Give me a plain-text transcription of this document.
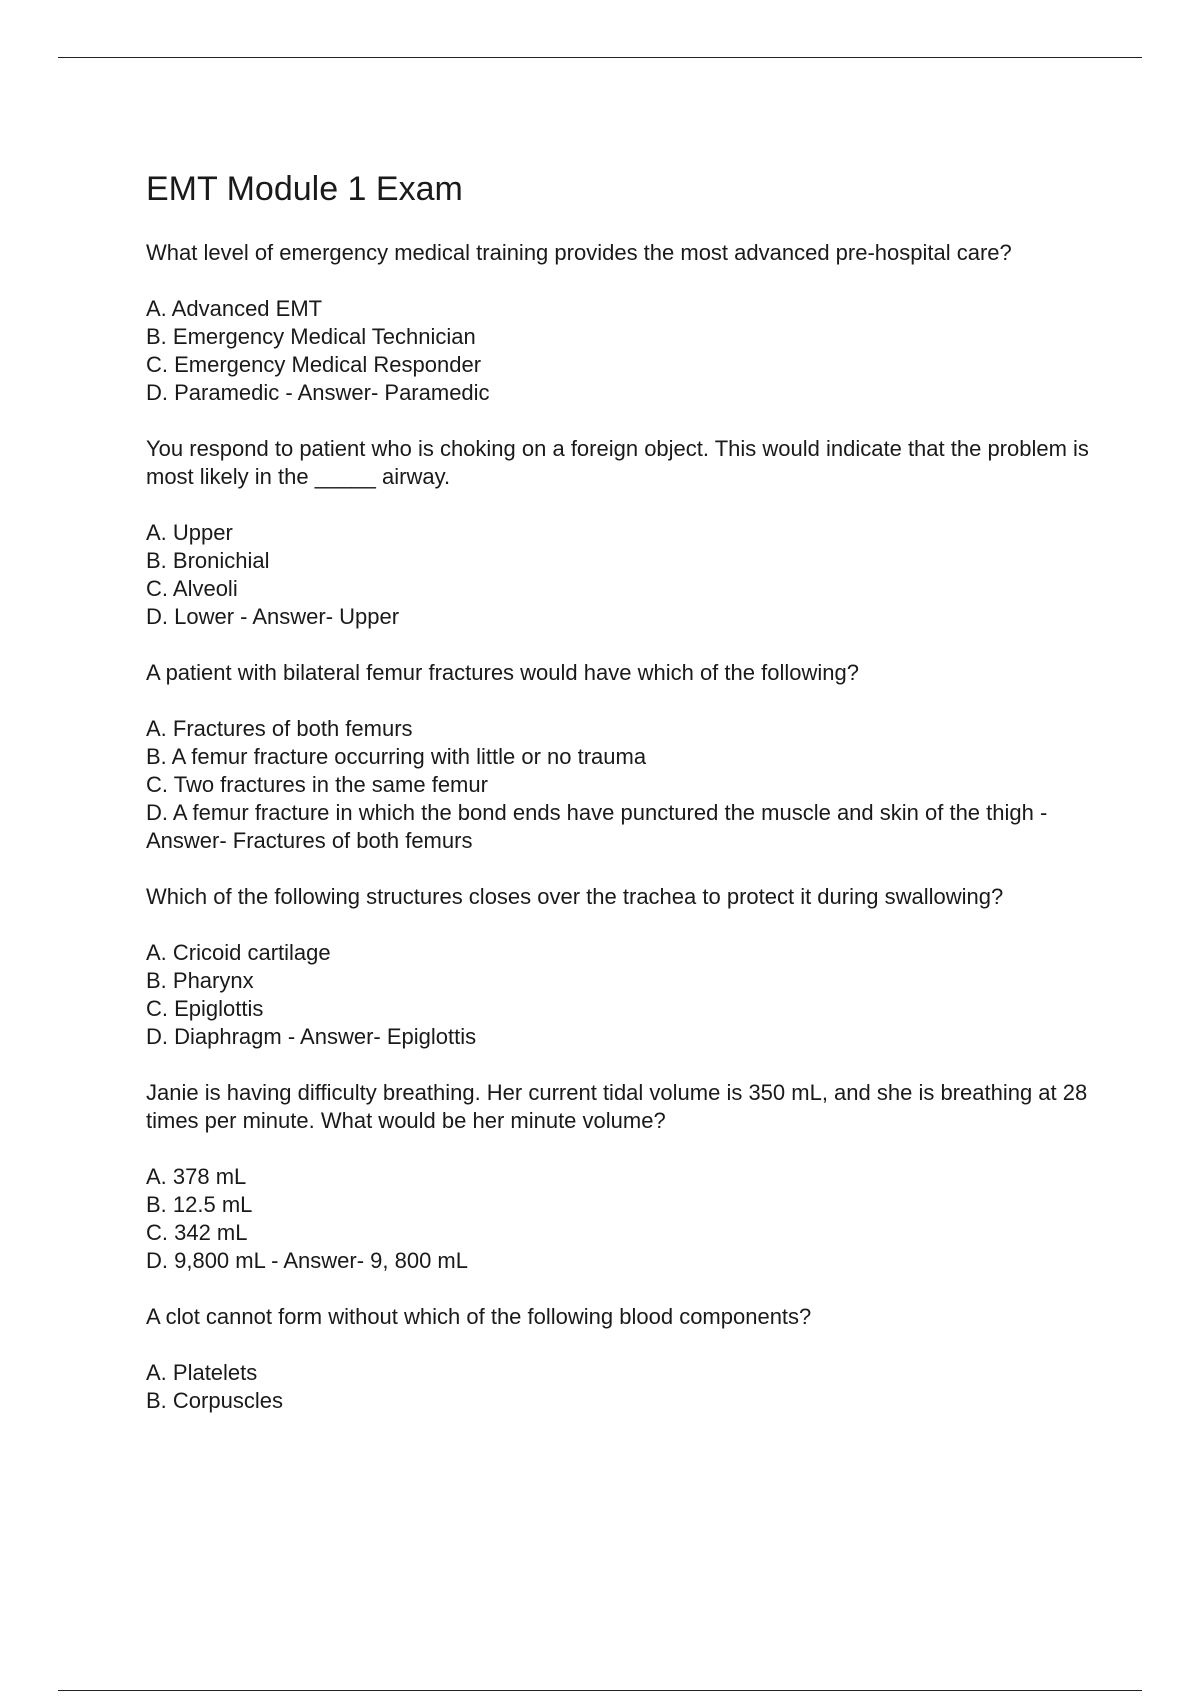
EMT Module 1 Exam

What level of emergency medical training provides the most advanced pre-hospital care?

A. Advanced EMT
B. Emergency Medical Technician
C. Emergency Medical Responder
D. Paramedic - Answer- Paramedic

You respond to patient who is choking on a foreign object. This would indicate that the problem is most likely in the _____ airway.

A. Upper
B. Bronichial
C. Alveoli
D. Lower - Answer- Upper

A patient with bilateral femur fractures would have which of the following?

A. Fractures of both femurs
B. A femur fracture occurring with little or no trauma
C. Two fractures in the same femur
D. A femur fracture in which the bond ends have punctured the muscle and skin of the thigh - Answer- Fractures of both femurs

Which of the following structures closes over the trachea to protect it during swallowing?

A. Cricoid cartilage
B. Pharynx
C. Epiglottis
D. Diaphragm - Answer- Epiglottis

Janie is having difficulty breathing. Her current tidal volume is 350 mL, and she is breathing at 28 times per minute. What would be her minute volume?

A. 378 mL
B. 12.5 mL
C. 342 mL
D. 9,800 mL - Answer- 9, 800 mL

A clot cannot form without which of the following blood components?

A. Platelets
B. Corpuscles
